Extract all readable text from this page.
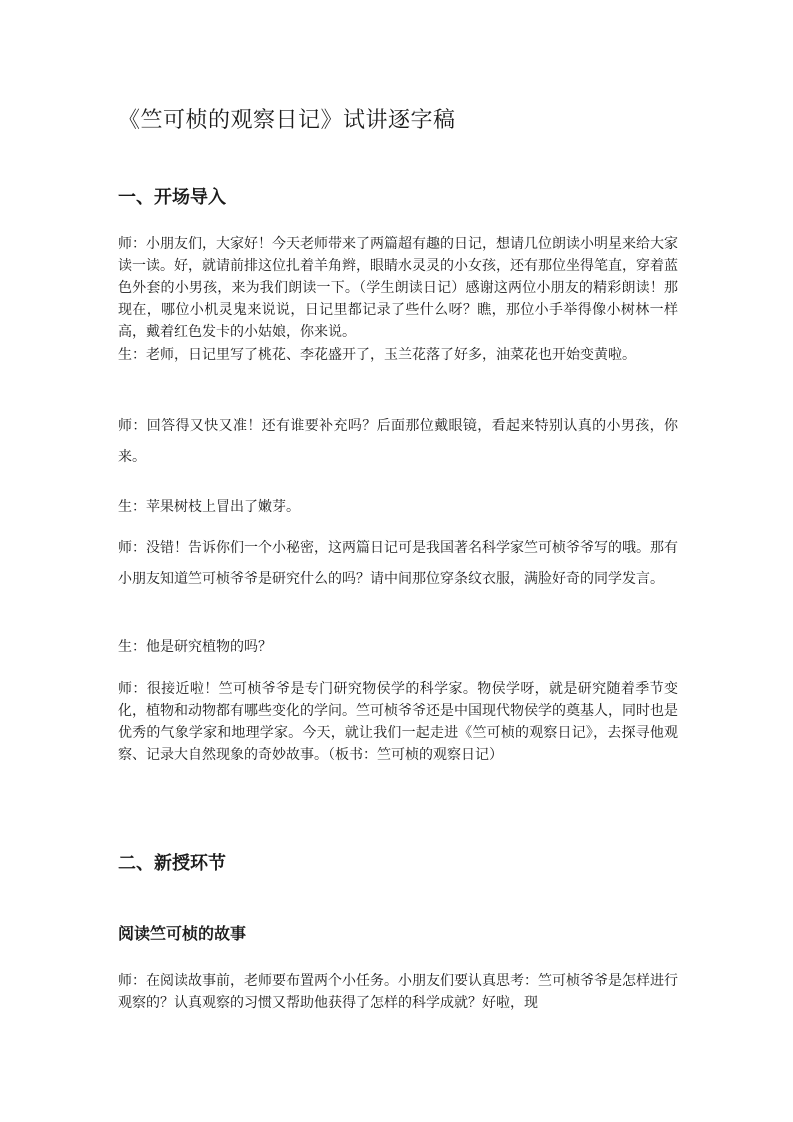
《竺可桢的观察日记》试讲逐字稿
一、开场导入
师：小朋友们，大家好！今天老师带来了两篇超有趣的日记，想请几位朗读小明星来给大家读一读。好，就请前排这位扎着羊角辫，眼睛水灵灵的小女孩，还有那位坐得笔直，穿着蓝色外套的小男孩，来为我们朗读一下。（学生朗读日记）感谢这两位小朋友的精彩朗读！那现在，哪位小机灵鬼来说说，日记里都记录了些什么呀？瞧，那位小手举得像小树林一样高，戴着红色发卡的小姑娘，你来说。
生：老师，日记里写了桃花、李花盛开了，玉兰花落了好多，油菜花也开始变黄啦。
师：回答得又快又准！还有谁要补充吗？后面那位戴眼镜，看起来特别认真的小男孩，你来。
生：苹果树枝上冒出了嫩芽。
师：没错！告诉你们一个小秘密，这两篇日记可是我国著名科学家竺可桢爷爷写的哦。那有小朋友知道竺可桢爷爷是研究什么的吗？请中间那位穿条纹衣服，满脸好奇的同学发言。
生：他是研究植物的吗？
师：很接近啦！竺可桢爷爷是专门研究物侯学的科学家。物侯学呀，就是研究随着季节变化，植物和动物都有哪些变化的学问。竺可桢爷爷还是中国现代物侯学的奠基人，同时也是优秀的气象学家和地理学家。今天，就让我们一起走进《竺可桢的观察日记》，去探寻他观察、记录大自然现象的奇妙故事。（板书：竺可桢的观察日记）
二、新授环节
阅读竺可桢的故事
师：在阅读故事前，老师要布置两个小任务。小朋友们要认真思考：竺可桢爷爷是怎样进行观察的？认真观察的习惯又帮助他获得了怎样的科学成就？好啦，现
